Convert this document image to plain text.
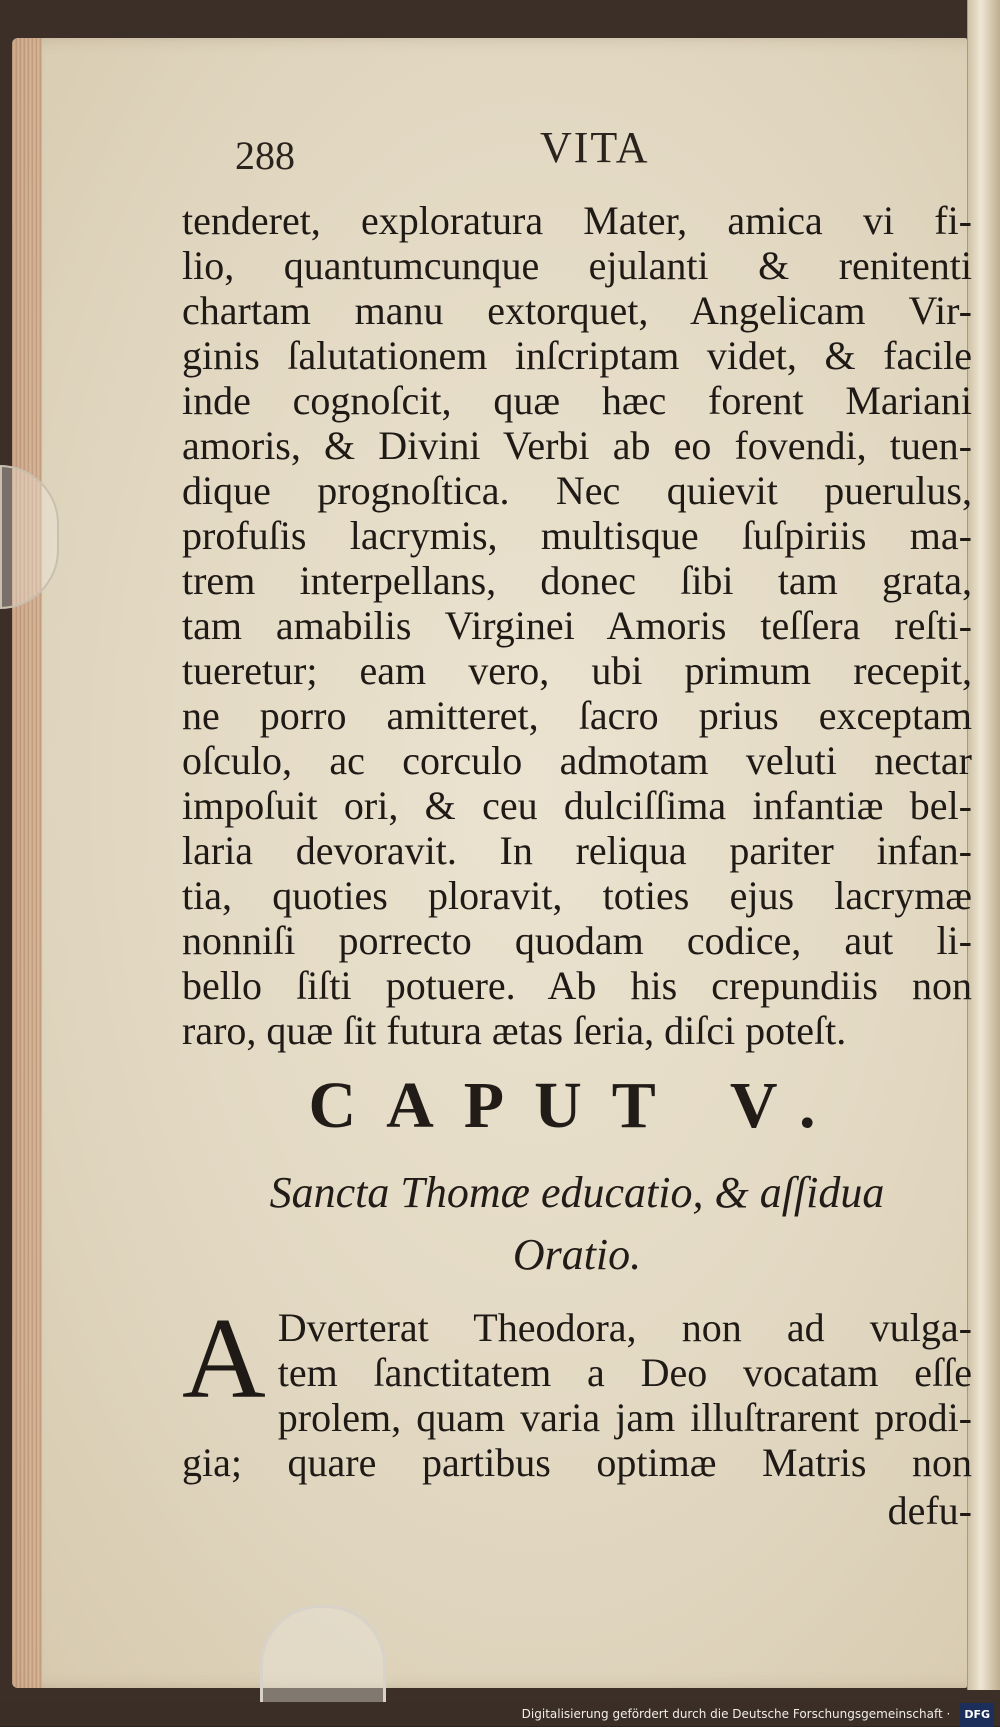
288	VITA
tenderet, exploratura Mater, amica vi fi-
lio, quantumcunque ejulanti & renitenti
chartam manu extorquet, Angelicam Vir-
ginis ſalutationem inſcriptam videt, & facile
inde cognoſcit, quæ hæc forent Mariani
amoris, & Divini Verbi ab eo fovendi, tuen-
dique prognoſtica. Nec quievit puerulus,
profuſis lacrymis, multisque ſuſpiriis ma-
trem interpellans, donec ſibi tam grata,
tam amabilis Virginei Amoris teſſera reſti-
tueretur; eam vero, ubi primum recepit,
ne porro amitteret, ſacro prius exceptam
oſculo, ac corculo admotam veluti nectar
impoſuit ori, & ceu dulciſſima infantiæ bel-
laria devoravit. In reliqua pariter infan-
tia, quoties ploravit, toties ejus lacrymæ
nonniſi porrecto quodam codice, aut li-
bello ſiſti potuere. Ab his crepundiis non
raro, quæ ſit futura ætas ſeria, diſci poteſt.
CAPUT V.
Sancta Thomæ educatio, & aſſidua
Oratio.
A Dverterat Theodora, non ad vulga-
tem ſanctitatem a Deo vocatam eſſe
prolem, quam varia jam illuſtrarent prodi-
gia; quare partibus optimæ Matris non
defu-
Digitalisierung gefördert durch die Deutsche Forschungsgemeinschaft · DFG
